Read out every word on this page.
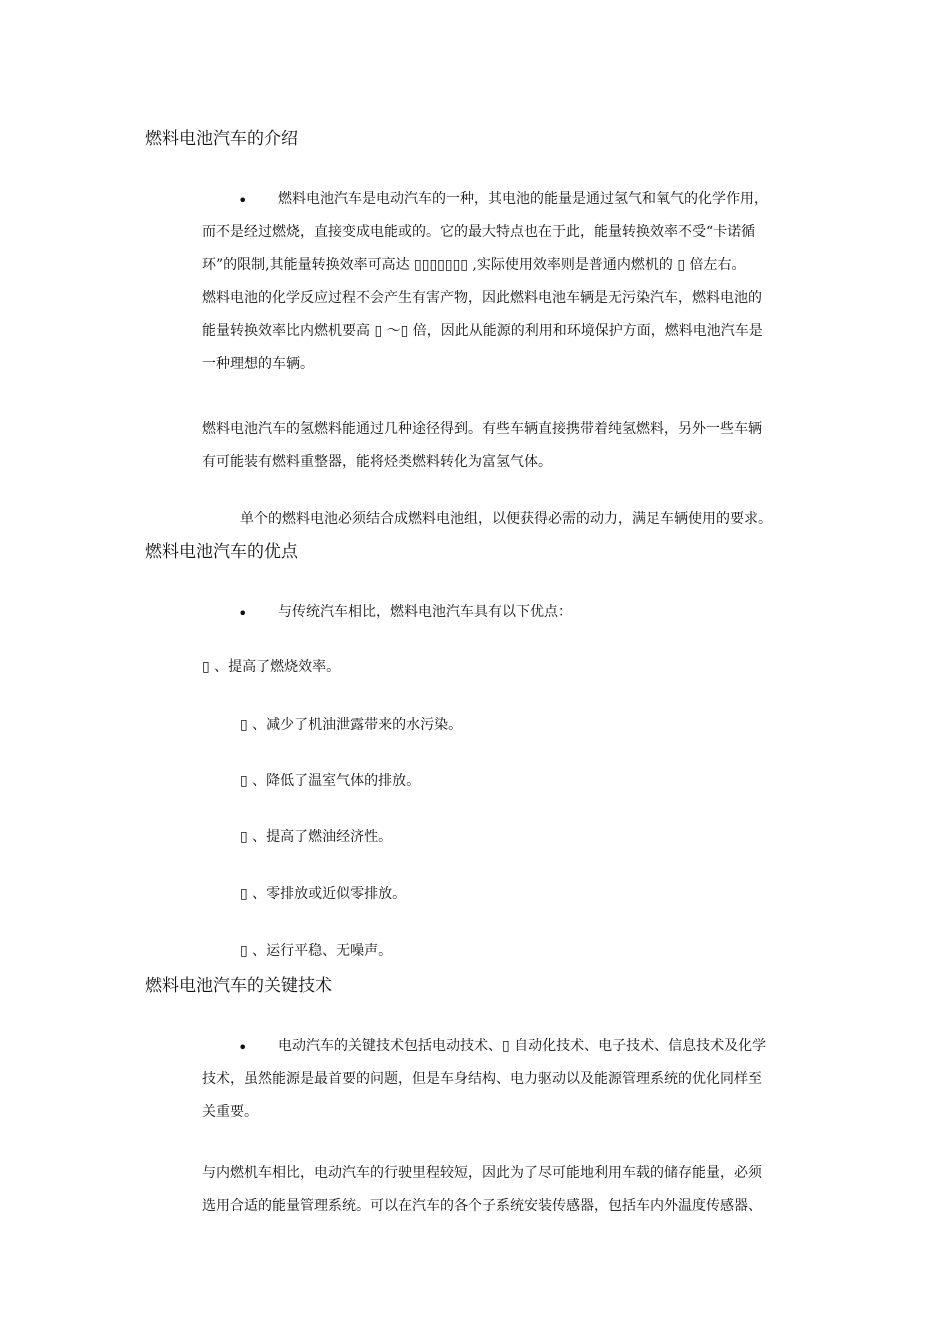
燃料电池汽车的介绍
•	燃料电池汽车是电动汽车的一种，其电池的能量是通过氢气和氧气的化学作用，
而不是经过燃烧，直接变成电能或的。它的最大特点也在于此，能量转换效率不受“卡诺循
环”的限制,其能量转换效率可高达 ▯▯▯▯▯▯▯ ,实际使用效率则是普通内燃机的 ▯ 倍左右。
燃料电池的化学反应过程不会产生有害产物，因此燃料电池车辆是无污染汽车，燃料电池的
能量转换效率比内燃机要高 ▯ ～▯ 倍，因此从能源的利用和环境保护方面，燃料电池汽车是
一种理想的车辆。
燃料电池汽车的氢燃料能通过几种途径得到。有些车辆直接携带着纯氢燃料，另外一些车辆
有可能装有燃料重整器，能将烃类燃料转化为富氢气体。
单个的燃料电池必须结合成燃料电池组，以便获得必需的动力，满足车辆使用的要求。
燃料电池汽车的优点
• 与传统汽车相比，燃料电池汽车具有以下优点：
▯ 、提高了燃烧效率。
▯ 、减少了机油泄露带来的水污染。
▯ 、降低了温室气体的排放。
▯ 、提高了燃油经济性。
▯ 、零排放或近似零排放。
▯ 、运行平稳、无噪声。
燃料电池汽车的关键技术
•	电动汽车的关键技术包括电动技术、▯ 自动化技术、电子技术、信息技术及化学
技术，虽然能源是最首要的问题，但是车身结构、电力驱动以及能源管理系统的优化同样至
关重要。
与内燃机车相比，电动汽车的行驶里程较短，因此为了尽可能地利用车载的储存能量，必须
选用合适的能量管理系统。可以在汽车的各个子系统安装传感器，包括车内外温度传感器、
